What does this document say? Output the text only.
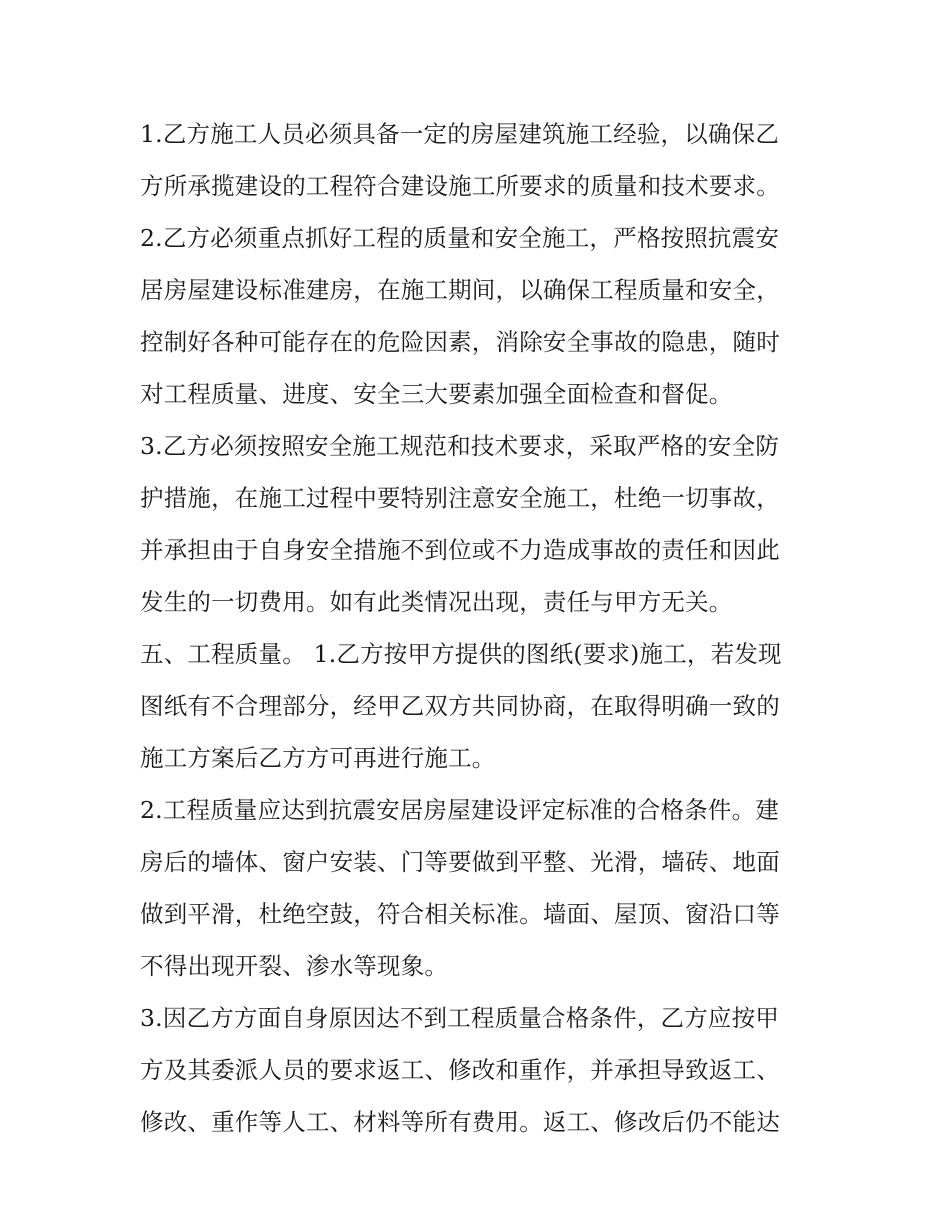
1.乙方施工人员必须具备一定的房屋建筑施工经验，以确保乙
方所承揽建设的工程符合建设施工所要求的质量和技术要求。
2.乙方必须重点抓好工程的质量和安全施工，严格按照抗震安
居房屋建设标准建房，在施工期间，以确保工程质量和安全，
控制好各种可能存在的危险因素，消除安全事故的隐患，随时
对工程质量、进度、安全三大要素加强全面检查和督促。
3.乙方必须按照安全施工规范和技术要求，采取严格的安全防
护措施，在施工过程中要特别注意安全施工，杜绝一切事故，
并承担由于自身安全措施不到位或不力造成事故的责任和因此
发生的一切费用。如有此类情况出现，责任与甲方无关。
五、工程质量。 1.乙方按甲方提供的图纸(要求)施工，若发现
图纸有不合理部分，经甲乙双方共同协商，在取得明确一致的
施工方案后乙方方可再进行施工。
2.工程质量应达到抗震安居房屋建设评定标准的合格条件。建
房后的墙体、窗户安装、门等要做到平整、光滑，墙砖、地面
做到平滑，杜绝空鼓，符合相关标准。墙面、屋顶、窗沿口等
不得出现开裂、渗水等现象。
3.因乙方方面自身原因达不到工程质量合格条件，乙方应按甲
方及其委派人员的要求返工、修改和重作，并承担导致返工、
修改、重作等人工、材料等所有费用。返工、修改后仍不能达
